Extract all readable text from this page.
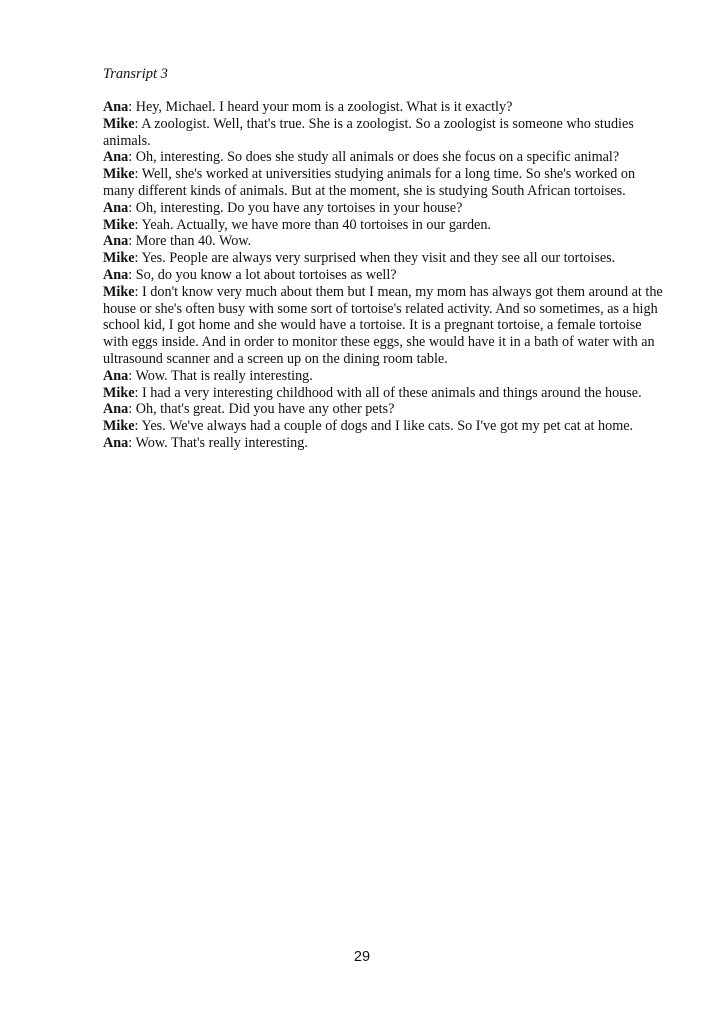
Transript 3

Ana: Hey, Michael. I heard your mom is a zoologist. What is it exactly?

Mike: A zoologist. Well, that's true. She is a zoologist. So a zoologist is someone who studies animals.

Ana: Oh, interesting. So does she study all animals or does she focus on a specific animal?

Mike: Well, she's worked at universities studying animals for a long time. So she's worked on many different kinds of animals. But at the moment, she is studying South African tortoises.

Ana: Oh, interesting. Do you have any tortoises in your house?

Mike: Yeah. Actually, we have more than 40 tortoises in our garden.

Ana: More than 40. Wow.

Mike: Yes. People are always very surprised when they visit and they see all our tortoises.

Ana: So, do you know a lot about tortoises as well?

Mike: I don't know very much about them but I mean, my mom has always got them around at the house or she's often busy with some sort of tortoise's related activity. And so sometimes, as a high school kid, I got home and she would have a tortoise. It is a pregnant tortoise, a female tortoise with eggs inside. And in order to monitor these eggs, she would have it in a bath of water with an ultrasound scanner and a screen up on the dining room table.

Ana: Wow. That is really interesting.

Mike: I had a very interesting childhood with all of these animals and things around the house.

Ana: Oh, that's great. Did you have any other pets?

Mike: Yes. We've always had a couple of dogs and I like cats. So I've got my pet cat at home.

Ana: Wow. That's really interesting.

29
